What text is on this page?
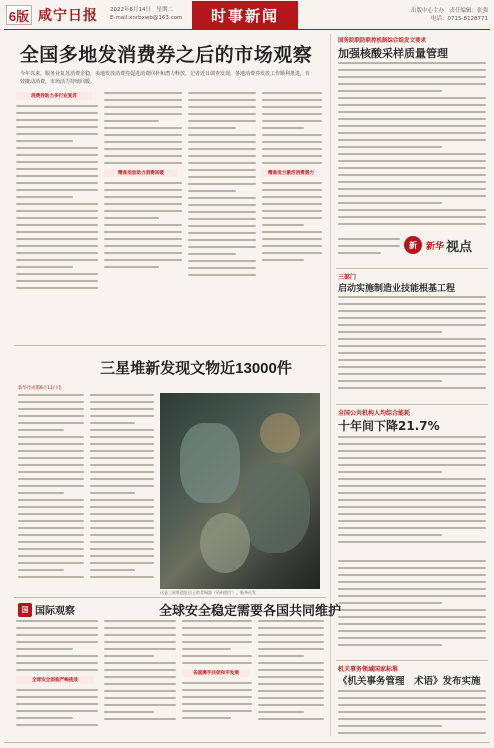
6版 咸宁日报 2022年6月14日　星期二
E-mail:xnrbxwb@163.com	时事新闻	出版中心主办　责任编辑：张强
电话：0715-8128771
全国多地发消费券之后的市场观察
今年以来，服务业复苏消费企稳，多地发放消费券促进消费回补和潜力释放。记者近日调查发现，各地消费券发放工作顺利推进，有效撬动消费，市场活力持续回暖。
消费券助力多行业复苏
精准发放助力消费回暖	精准发力激活消费潜力
国务院联防联控机制综合组发文要求
加强核酸采样质量管理
新	新华 视点
三部门
启动实施制造业技能根基工程
全国公共机构人均综合能耗
十年间下降21.7%
机关事务领域国家标准
《机关事务管理　术语》发布实施
三星堆新发现文物近13000件
新华社成都6月13日电
这是三星堆遗址出土的青铜器（资料照片）。新华社发
国 国际观察	全球安全稳定需要各国共同维护
全球安全面临严峻挑战
各国携手共促和平发展
